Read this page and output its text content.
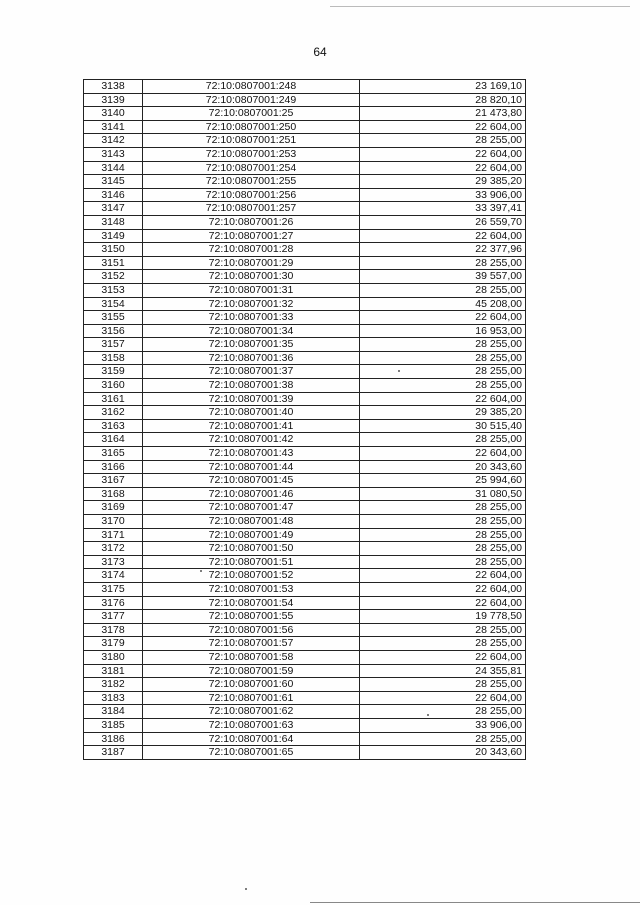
64
3138	72:10:0807001:248	23 169,10
3139	72:10:0807001:249	28 820,10
3140	72:10:0807001:25	21 473,80
3141	72:10:0807001:250	22 604,00
3142	72:10:0807001:251	28 255,00
3143	72:10:0807001:253	22 604,00
3144	72:10:0807001:254	22 604,00
3145	72:10:0807001:255	29 385,20
3146	72:10:0807001:256	33 906,00
3147	72:10:0807001:257	33 397,41
3148	72:10:0807001:26	26 559,70
3149	72:10:0807001:27	22 604,00
3150	72:10:0807001:28	22 377,96
3151	72:10:0807001:29	28 255,00
3152	72:10:0807001:30	39 557,00
3153	72:10:0807001:31	28 255,00
3154	72:10:0807001:32	45 208,00
3155	72:10:0807001:33	22 604,00
3156	72:10:0807001:34	16 953,00
3157	72:10:0807001:35	28 255,00
3158	72:10:0807001:36	28 255,00
3159	72:10:0807001:37	28 255,00
3160	72:10:0807001:38	28 255,00
3161	72:10:0807001:39	22 604,00
3162	72:10:0807001:40	29 385,20
3163	72:10:0807001:41	30 515,40
3164	72:10:0807001:42	28 255,00
3165	72:10:0807001:43	22 604,00
3166	72:10:0807001:44	20 343,60
3167	72:10:0807001:45	25 994,60
3168	72:10:0807001:46	31 080,50
3169	72:10:0807001:47	28 255,00
3170	72:10:0807001:48	28 255,00
3171	72:10:0807001:49	28 255,00
3172	72:10:0807001:50	28 255,00
3173	72:10:0807001:51	28 255,00
3174	72:10:0807001:52	22 604,00
3175	72:10:0807001:53	22 604,00
3176	72:10:0807001:54	22 604,00
3177	72:10:0807001:55	19 778,50
3178	72:10:0807001:56	28 255,00
3179	72:10:0807001:57	28 255,00
3180	72:10:0807001:58	22 604,00
3181	72:10:0807001:59	24 355,81
3182	72:10:0807001:60	28 255,00
3183	72:10:0807001:61	22 604,00
3184	72:10:0807001:62	28 255,00
3185	72:10:0807001:63	33 906,00
3186	72:10:0807001:64	28 255,00
3187	72:10:0807001:65	20 343,60
